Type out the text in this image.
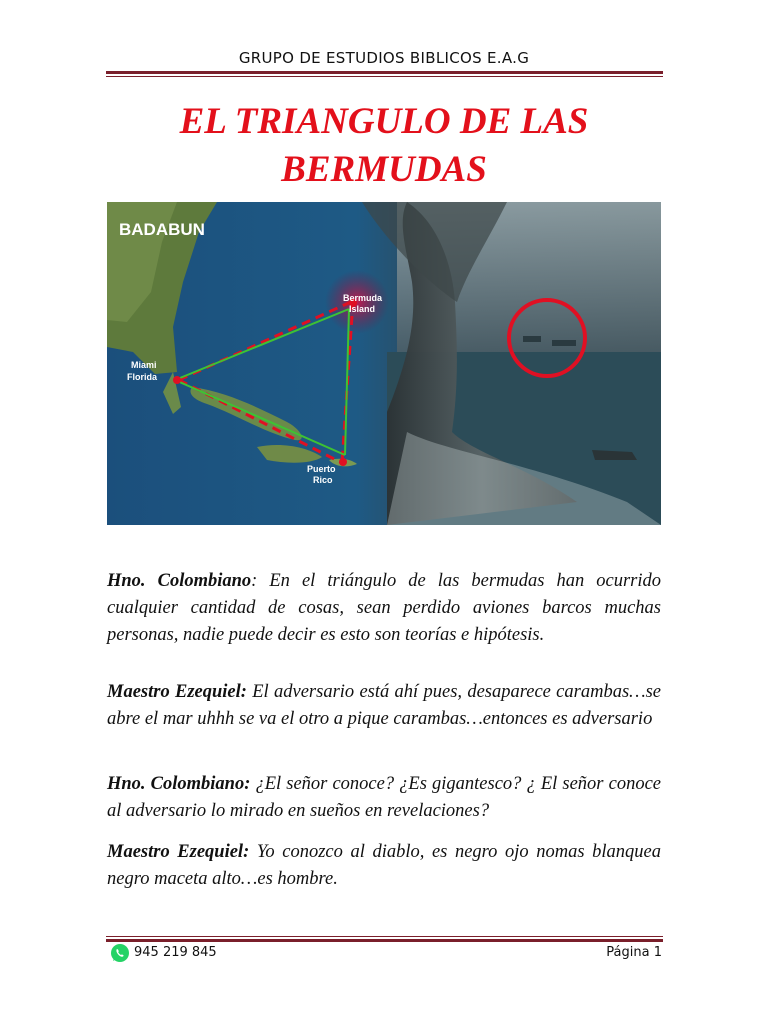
GRUPO DE ESTUDIOS BIBLICOS E.A.G
EL TRIANGULO DE LAS
BERMUDAS
BADABUN
Bermuda
Island
Miami
Florida
Puerto
Rico

Hno. Colombiano: En el triángulo de las bermudas han ocurrido cualquier cantidad de cosas, sean perdido aviones barcos muchas personas, nadie puede decir es esto son teorías e hipótesis.

Maestro Ezequiel: El adversario está ahí pues, desaparece carambas…se abre el mar uhhh se va el otro a pique carambas…entonces es adversario

Hno. Colombiano: ¿El señor conoce? ¿Es gigantesco? ¿ El señor conoce al adversario lo mirado en sueños en revelaciones?

Maestro Ezequiel: Yo conozco al diablo, es negro ojo nomas blanquea   negro maceta alto…es hombre.

945 219 845	Página 1
